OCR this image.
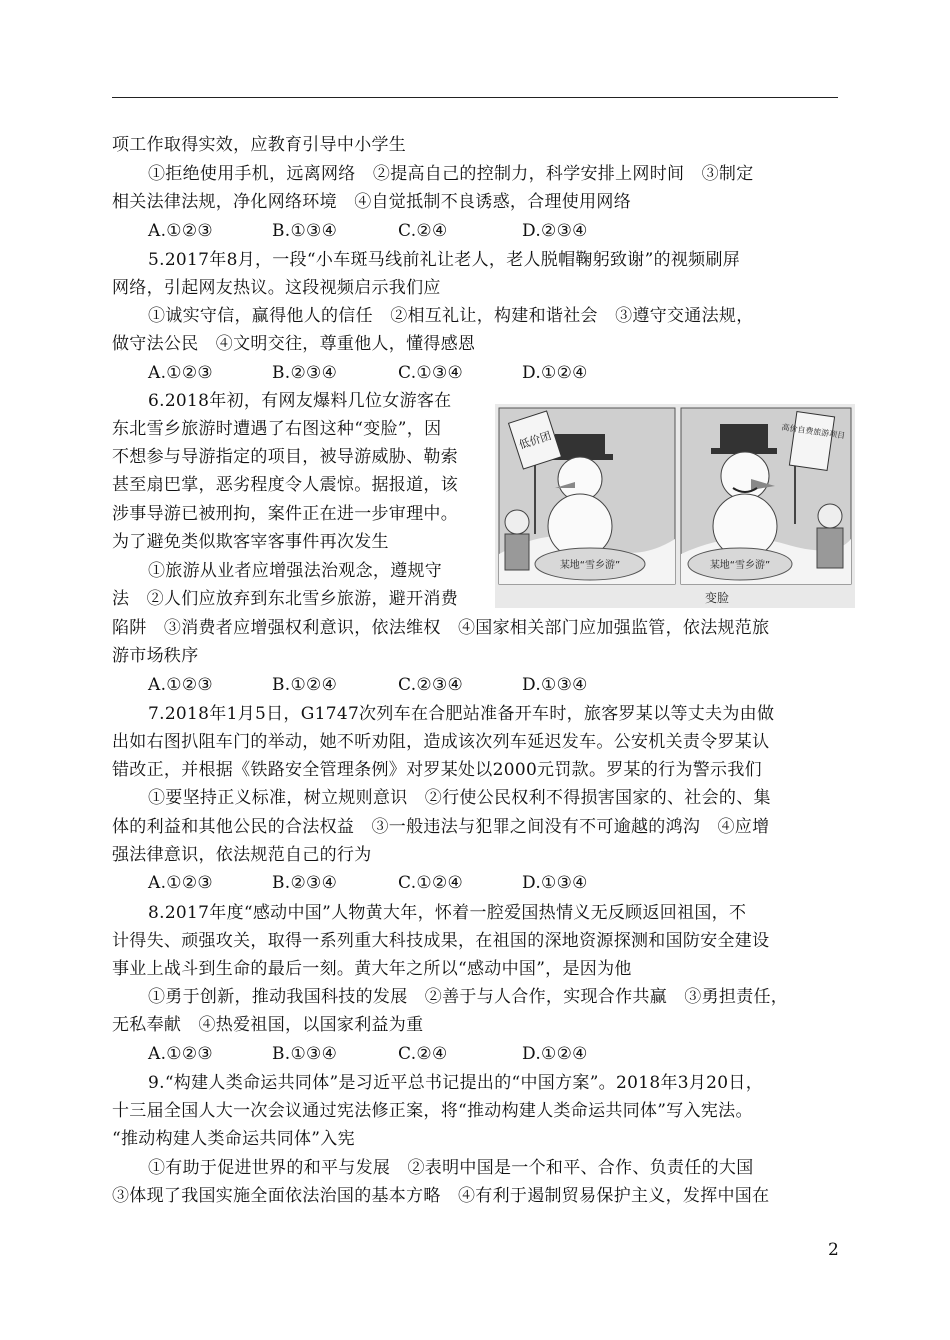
项工作取得实效，应教育引导中小学生
①拒绝使用手机，远离网络　②提高自己的控制力，科学安排上网时间　③制定
相关法律法规，净化网络环境　④自觉抵制不良诱惑，合理使用网络
5.2017年8月，一段“小车斑马线前礼让老人，老人脱帽鞠躬致谢”的视频刷屏
网络，引起网友热议。这段视频启示我们应
①诚实守信，赢得他人的信任　②相互礼让，构建和谐社会　③遵守交通法规，
做守法公民　④文明交往，尊重他人，懂得感恩
陷阱　③消费者应增强权利意识，依法维权　④国家相关部门应加强监管，依法规范旅
游市场秩序
7.2018年1月5日，G1747次列车在合肥站准备开车时，旅客罗某以等丈夫为由做
出如右图扒阻车门的举动，她不听劝阻，造成该次列车延迟发车。公安机关责令罗某认
错改正，并根据《铁路安全管理条例》对罗某处以2000元罚款。罗某的行为警示我们
①要坚持正义标准，树立规则意识　②行使公民权利不得损害国家的、社会的、集
体的利益和其他公民的合法权益　③一般违法与犯罪之间没有不可逾越的鸿沟　④应增
强法律意识，依法规范自己的行为
8.2017年度“感动中国”人物黄大年，怀着一腔爱国热情义无反顾返回祖国，不
计得失、顽强攻关，取得一系列重大科技成果，在祖国的深地资源探测和国防安全建设
事业上战斗到生命的最后一刻。黄大年之所以“感动中国”，是因为他
①勇于创新，推动我国科技的发展　②善于与人合作，实现合作共赢　③勇担责任，
无私奉献　④热爱祖国，以国家利益为重
9.“构建人类命运共同体”是习近平总书记提出的“中国方案”。2018年3月20日，
十三届全国人大一次会议通过宪法修正案，将“推动构建人类命运共同体”写入宪法。
“推动构建人类命运共同体”入宪
①有助于促进世界的和平与发展　②表明中国是一个和平、合作、负责任的大国
③体现了我国实施全面依法治国的基本方略　④有利于遏制贸易保护主义，发挥中国在
6.2018年初，有网友爆料几位女游客在
东北雪乡旅游时遭遇了右图这种“变脸”，因
不想参与导游指定的项目，被导游威胁、勒索
甚至扇巴掌，恶劣程度令人震惊。据报道，该
涉事导游已被刑拘，案件正在进一步审理中。
为了避免类似欺客宰客事件再次发生
①旅游从业者应增强法治观念，遵规守
法　②人们应放弃到东北雪乡旅游，避开消费
A.①②③	B.①③④	C.②④	D.②③④
A.①②③	B.②③④	C.①③④	D.①②④
A.①②③	B.①②④	C.②③④	D.①③④
A.①②③	B.②③④	C.①②④	D.①③④
A.①②③	B.①③④	C.②④	D.①②④
某地“雪乡游”
低价团
某地“雪乡游”
高价自费旅游项目
变脸
2
